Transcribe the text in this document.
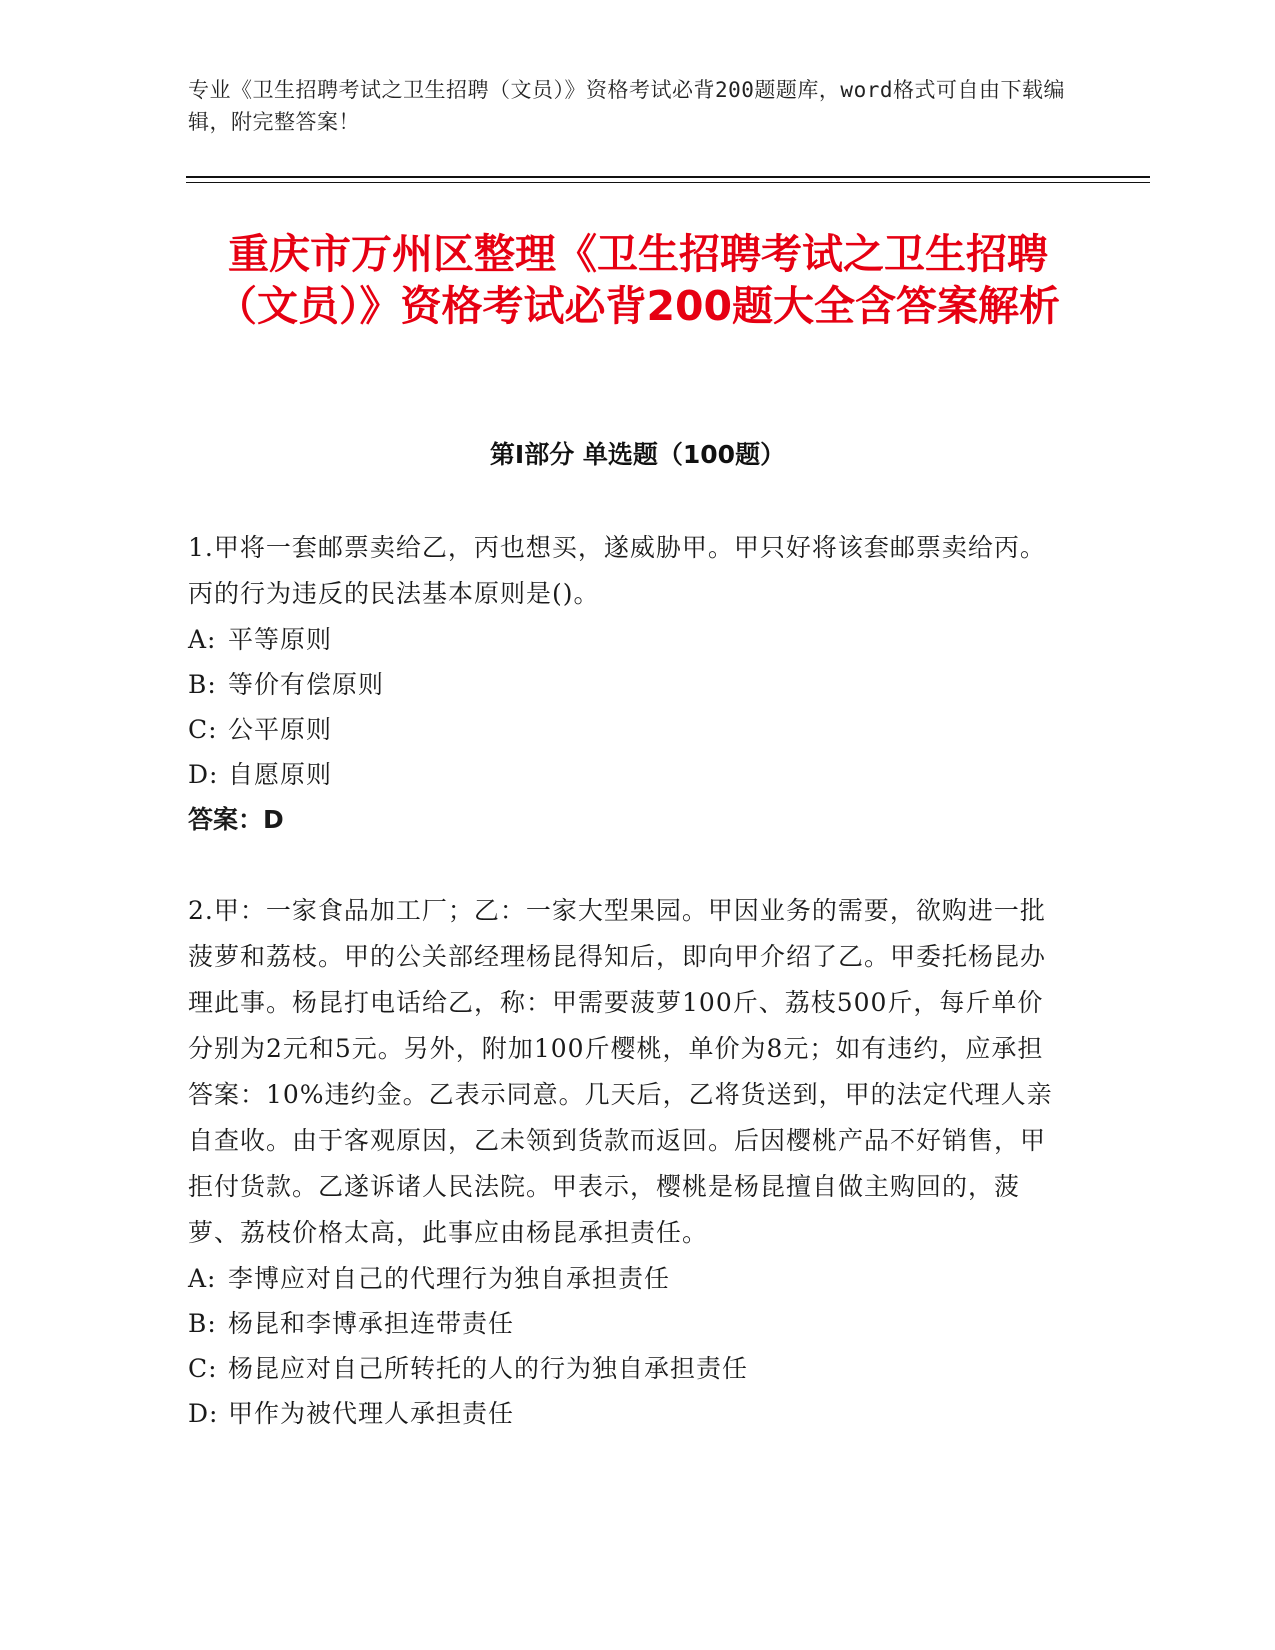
专业《卫生招聘考试之卫生招聘（文员）》资格考试必背200题题库，word格式可自由下载编辑，附完整答案！
重庆市万州区整理《卫生招聘考试之卫生招聘（文员）》资格考试必背200题大全含答案解析
第I部分 单选题（100题）

1.甲将一套邮票卖给乙，丙也想买，遂威胁甲。甲只好将该套邮票卖给丙。丙的行为违反的民法基本原则是()。

A: 平等原则

B: 等价有偿原则

C: 公平原则

D: 自愿原则

答案：D

2.甲：一家食品加工厂；乙：一家大型果园。甲因业务的需要，欲购进一批菠萝和荔枝。甲的公关部经理杨昆得知后，即向甲介绍了乙。甲委托杨昆办理此事。杨昆打电话给乙，称：甲需要菠萝100斤、荔枝500斤，每斤单价分别为2元和5元。另外，附加100斤樱桃，单价为8元；如有违约，应承担答案：10%违约金。乙表示同意。几天后，乙将货送到，甲的法定代理人亲自查收。由于客观原因，乙未领到货款而返回。后因樱桃产品不好销售，甲拒付货款。乙遂诉诸人民法院。甲表示，樱桃是杨昆擅自做主购回的，菠萝、荔枝价格太高，此事应由杨昆承担责任。

A: 李博应对自己的代理行为独自承担责任

B: 杨昆和李博承担连带责任

C: 杨昆应对自己所转托的人的行为独自承担责任

D: 甲作为被代理人承担责任
